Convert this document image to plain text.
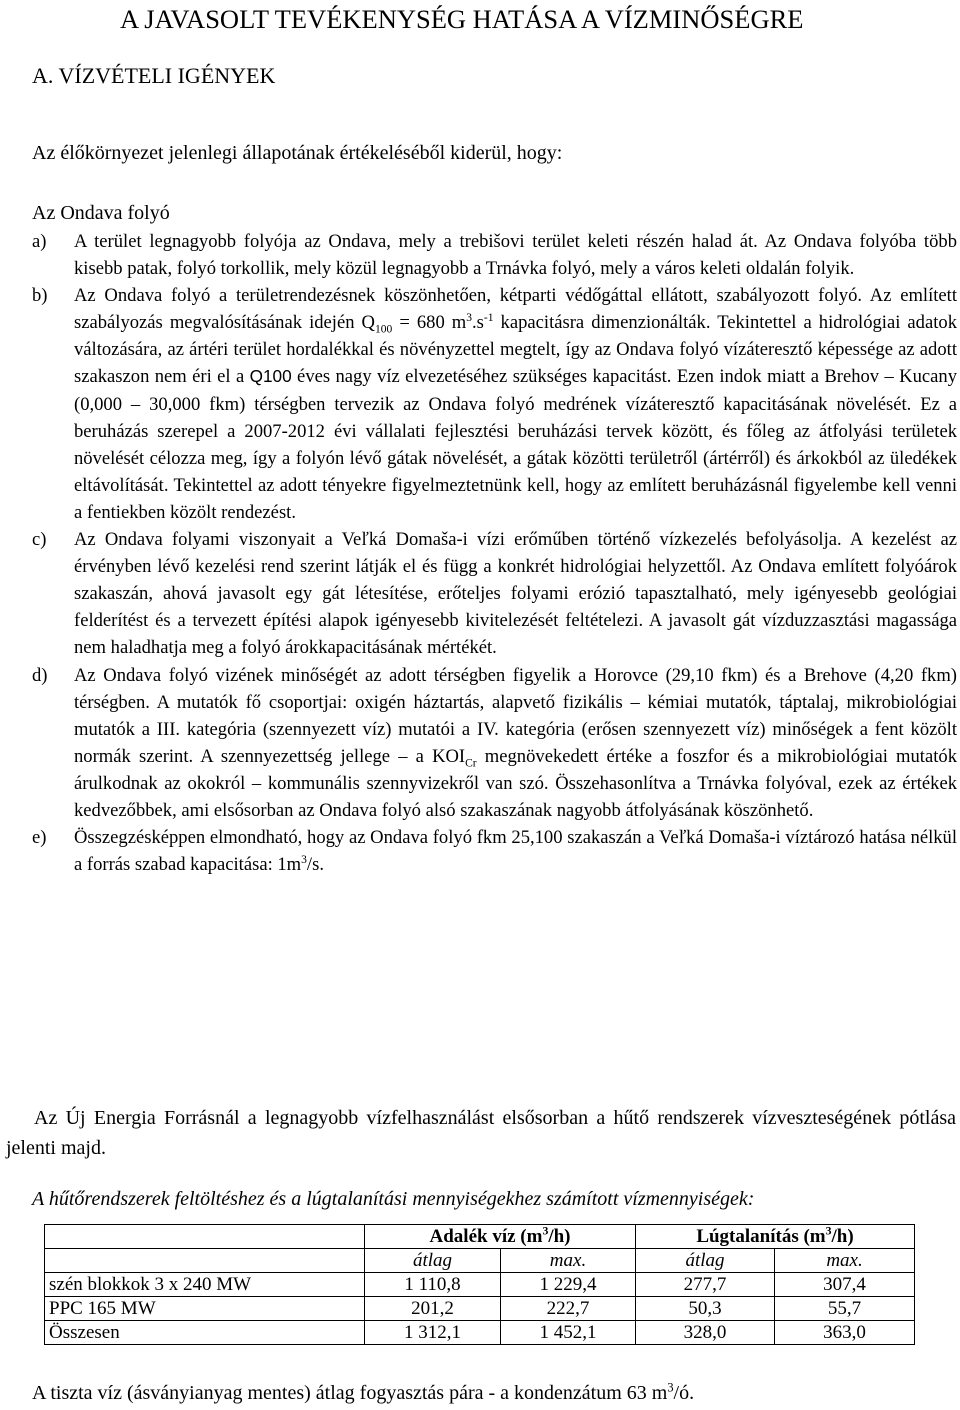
A JAVASOLT TEVÉKENYSÉG HATÁSA A VÍZMINŐSÉGRE
A. VÍZVÉTELI IGÉNYEK
Az élőkörnyezet jelenlegi állapotának értékeléséből kiderül, hogy:
Az Ondava folyó
a)	A terület legnagyobb folyója az Ondava, mely a trebišovi terület keleti részén halad át. Az Ondava folyóba több kisebb patak, folyó torkollik, mely közül legnagyobb a Trnávka folyó, mely a város keleti oldalán folyik.
b)	Az Ondava folyó a területrendezésnek köszönhetően, kétparti védőgáttal ellátott, szabályozott folyó. Az említett szabályozás megvalósításának idején $Q_{100} = 680$ $m^3.s^{-1}$ kapacitásra dimenzionálták. Tekintettel a hidrológiai adatok változására, az ártéri terület hordalékkal és növényzettel megtelt, így az Ondava folyó vízáteresztő képessége az adott szakaszon nem éri el a Q100 éves nagy víz elvezetéséhez szükséges kapacitást. Ezen indok miatt a Brehov – Kucany (0,000 – 30,000 fkm) térségben tervezik az Ondava folyó medrének vízáteresztő kapacitásának növelését. Ez a beruházás szerepel a 2007-2012 évi vállalati fejlesztési beruházási tervek között, és főleg az átfolyási területek növelését célozza meg, így a folyón lévő gátak növelését, a gátak közötti területről (ártérről) és árkokból az üledékek eltávolítását. Tekintettel az adott tényekre figyelmeztetnünk kell, hogy az említett beruházásnál figyelembe kell venni a fentiekben közölt rendezést.
c)	Az Ondava folyami viszonyait a Veľká Domaša-i vízi erőműben történő vízkezelés befolyásolja. A kezelést az érvényben lévő kezelési rend szerint látják el és függ a konkrét hidrológiai helyzettől. Az Ondava említett folyóárok szakaszán, ahová javasolt egy gát létesítése, erőteljes folyami erózió tapasztalható, mely igényesebb geológiai felderítést és a tervezett építési alapok igényesebb kivitelezését feltételezi. A javasolt gát vízduzzasztási magassága nem haladhatja meg a folyó árokkapacitásának mértékét.
d)	Az Ondava folyó vizének minőségét az adott térségben figyelik a Horovce (29,10 fkm) és a Brehove (4,20 fkm) térségben. A mutatók fő csoportjai: oxigén háztartás, alapvető fizikális – kémiai mutatók, táptalaj, mikrobiológiai mutatók a III. kategória (szennyezett víz) mutatói a IV. kategória (erősen szennyezett víz) minőségek a fent közölt normák szerint. A szennyezettség jellege – a $KOI_{Cr}$ megnövekedett értéke a foszfor és a mikrobiológiai mutatók árulkodnak az okokról – kommunális szennyvizekről van szó. Összehasonlítva a Trnávka folyóval, ezek az értékek kedvezőbbek, ami elsősorban az Ondava folyó alsó szakaszának nagyobb átfolyásának köszönhető.
e)	Összegzésképpen elmondható, hogy az Ondava folyó fkm 25,100 szakaszán a Veľká Domaša-i víztározó hatása nélkül a forrás szabad kapacitása: $1m^3/s$.
Az Új Energia Forrásnál a legnagyobb vízfelhasználást elsősorban a hűtő rendszerek vízveszteségének pótlása jelenti majd.
A hűtőrendszerek feltöltéshez és a lúgtalanítási mennyiségekhez számított vízmennyiségek:
	Adalék víz $(m^3/h)$		Lúgtalanítás $(m^3/h)$	
	átlag	max.	átlag	max.
szén blokkok 3 x 240 MW	1 110,8	1 229,4	277,7	307,4
PPC 165 MW	201,2	222,7	50,3	55,7
Összesen	1 312,1	1 452,1	328,0	363,0
A tiszta víz (ásványianyag mentes) átlag fogyasztás pára - a kondenzátum 63 $m^3/ó$.
